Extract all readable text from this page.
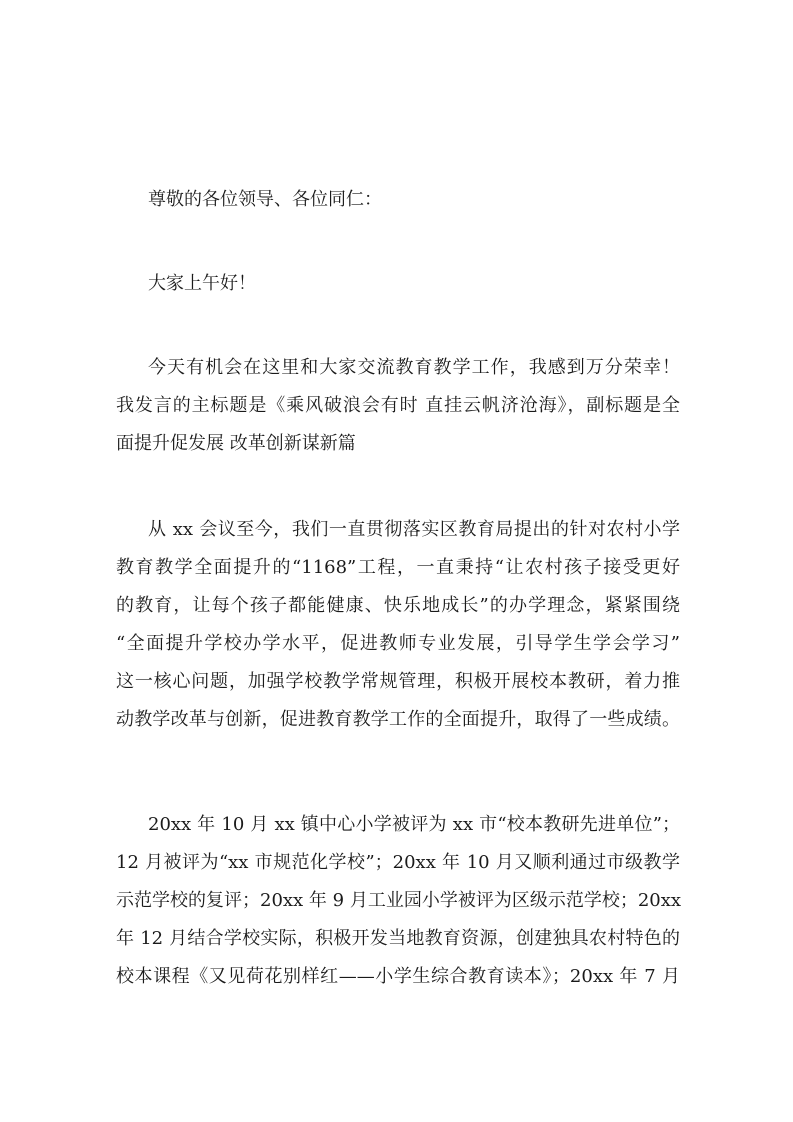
尊敬的各位领导、各位同仁：
大家上午好！
今天有机会在这里和大家交流教育教学工作，我感到万分荣幸！
我发言的主标题是《乘风破浪会有时 直挂云帆济沧海》，副标题是全
面提升促发展 改革创新谋新篇
从 xx 会议至今，我们一直贯彻落实区教育局提出的针对农村小学
教育教学全面提升的“1168”工程，一直秉持“让农村孩子接受更好
的教育，让每个孩子都能健康、快乐地成长”的办学理念，紧紧围绕
“全面提升学校办学水平，促进教师专业发展，引导学生学会学习”
这一核心问题，加强学校教学常规管理，积极开展校本教研，着力推
动教学改革与创新，促进教育教学工作的全面提升，取得了一些成绩。
20xx 年 10 月 xx 镇中心小学被评为 xx 市“校本教研先进单位”；
12 月被评为“xx 市规范化学校”；20xx 年 10 月又顺利通过市级教学
示范学校的复评；20xx 年 9 月工业园小学被评为区级示范学校；20xx
年 12 月结合学校实际，积极开发当地教育资源，创建独具农村特色的
校本课程《又见荷花别样红——小学生综合教育读本》；20xx 年 7 月
